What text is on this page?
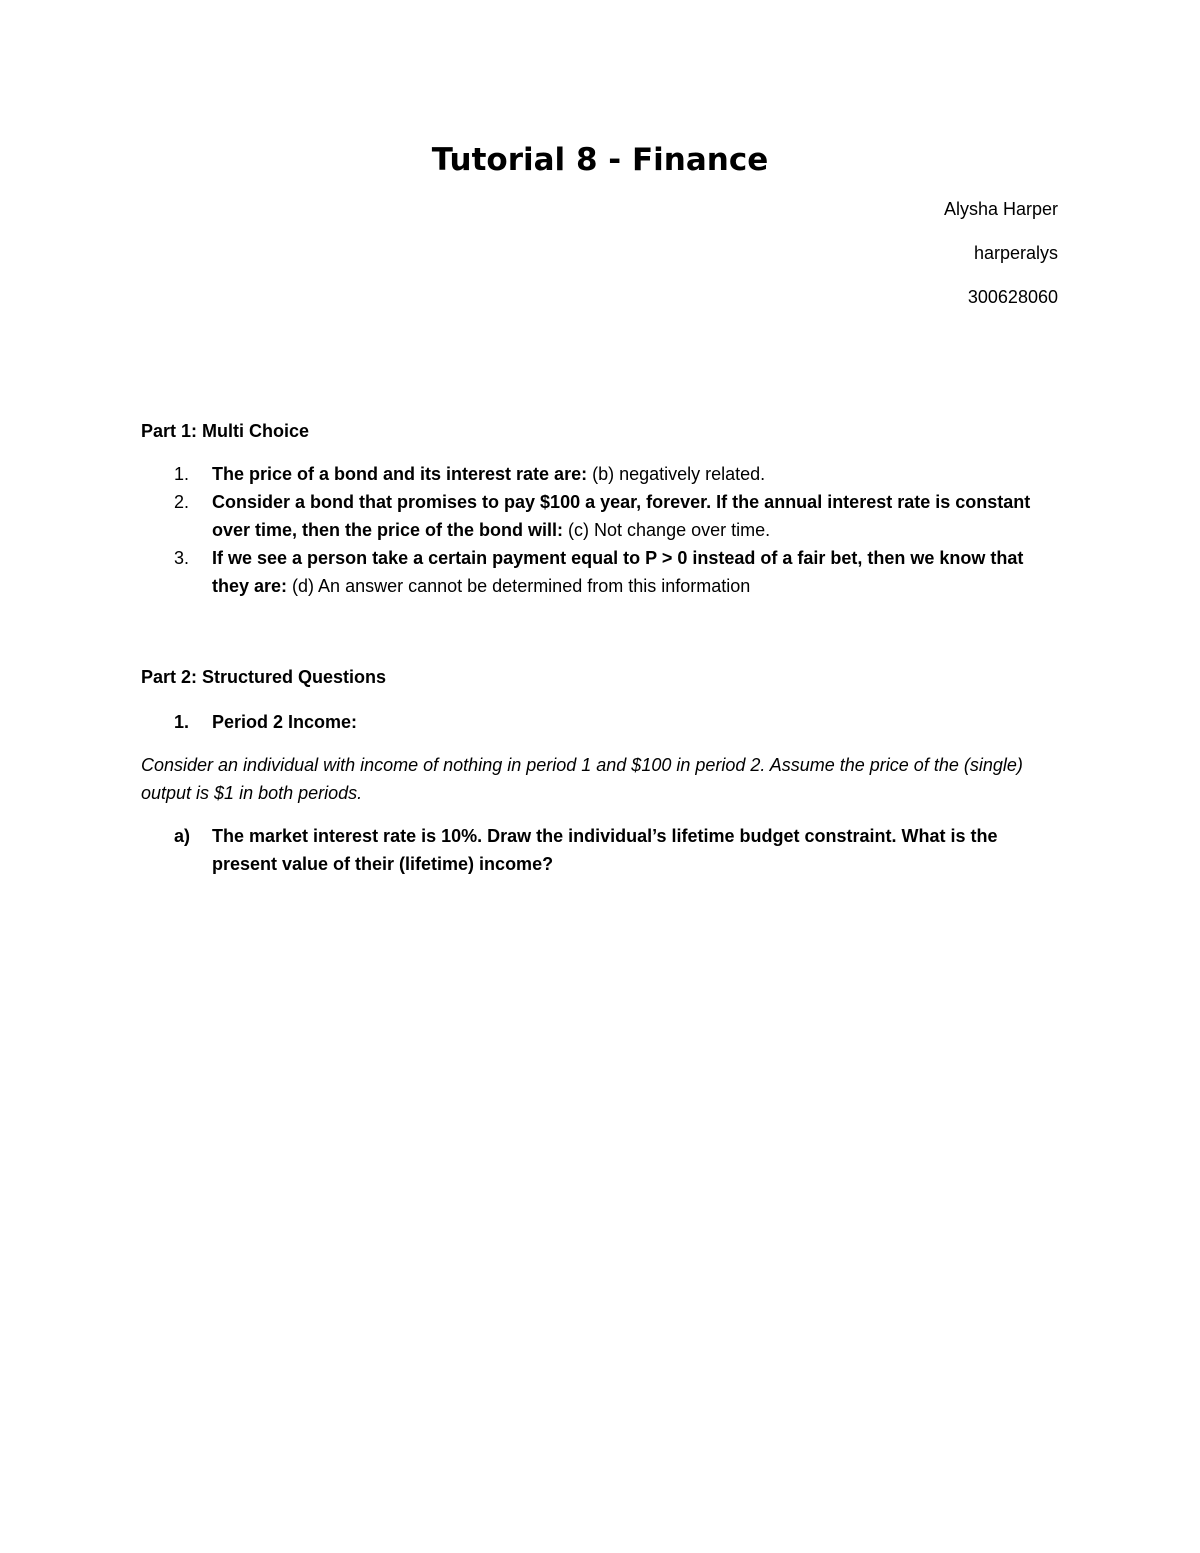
Tutorial 8 - Finance
Alysha Harper
harperalys
300628060

Part 1: Multi Choice

1. The price of a bond and its interest rate are: (b) negatively related.
2. Consider a bond that promises to pay $100 a year, forever. If the annual interest rate is constant over time, then the price of the bond will: (c) Not change over time.
3. If we see a person take a certain payment equal to P > 0 instead of a fair bet, then we know that they are: (d) An answer cannot be determined from this information

Part 2: Structured Questions

1. Period 2 Income:

Consider an individual with income of nothing in period 1 and $100 in period 2. Assume the price of the (single) output is $1 in both periods.

a) The market interest rate is 10%. Draw the individual’s lifetime budget constraint. What is the present value of their (lifetime) income?
